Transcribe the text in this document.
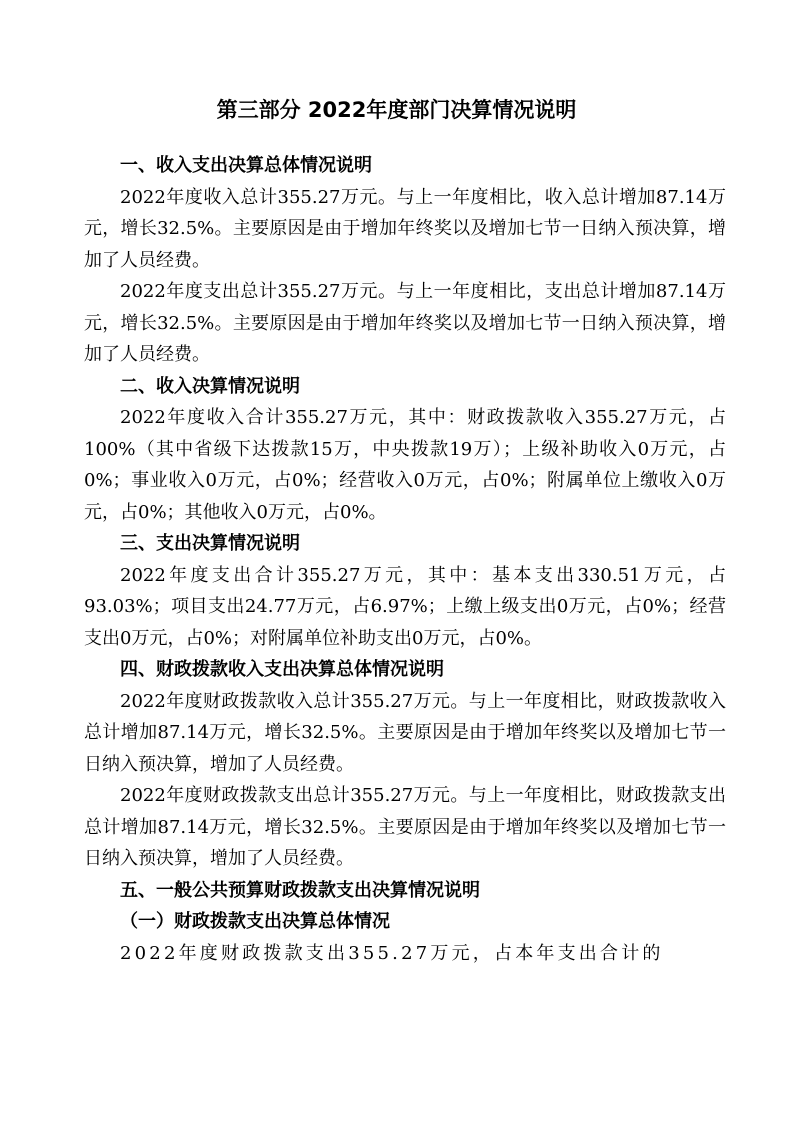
第三部分 2022年度部门决算情况说明
一、收入支出决算总体情况说明

2022年度收入总计355.27万元。与上一年度相比，收入总计增加87.14万元，增长32.5%。主要原因是由于增加年终奖以及增加七节一日纳入预决算，增加了人员经费。

2022年度支出总计355.27万元。与上一年度相比，支出总计增加87.14万元，增长32.5%。主要原因是由于增加年终奖以及增加七节一日纳入预决算，增加了人员经费。

二、收入决算情况说明

2022年度收入合计355.27万元，其中：财政拨款收入355.27万元，占100%（其中省级下达拨款15万，中央拨款19万）；上级补助收入0万元，占0%；事业收入0万元，占0%；经营收入0万元，占0%；附属单位上缴收入0万元，占0%；其他收入0万元，占0%。

三、支出决算情况说明

2022年度支出合计355.27万元，其中：基本支出330.51万元，占93.03%；项目支出24.77万元，占6.97%；上缴上级支出0万元，占0%；经营支出0万元，占0%；对附属单位补助支出0万元，占0%。

四、财政拨款收入支出决算总体情况说明

2022年度财政拨款收入总计355.27万元。与上一年度相比，财政拨款收入总计增加87.14万元，增长32.5%。主要原因是由于增加年终奖以及增加七节一日纳入预决算，增加了人员经费。

2022年度财政拨款支出总计355.27万元。与上一年度相比，财政拨款支出总计增加87.14万元，增长32.5%。主要原因是由于增加年终奖以及增加七节一日纳入预决算，增加了人员经费。

五、一般公共预算财政拨款支出决算情况说明
（一）财政拨款支出决算总体情况

2022年度财政拨款支出355.27万元，占本年支出合计的
